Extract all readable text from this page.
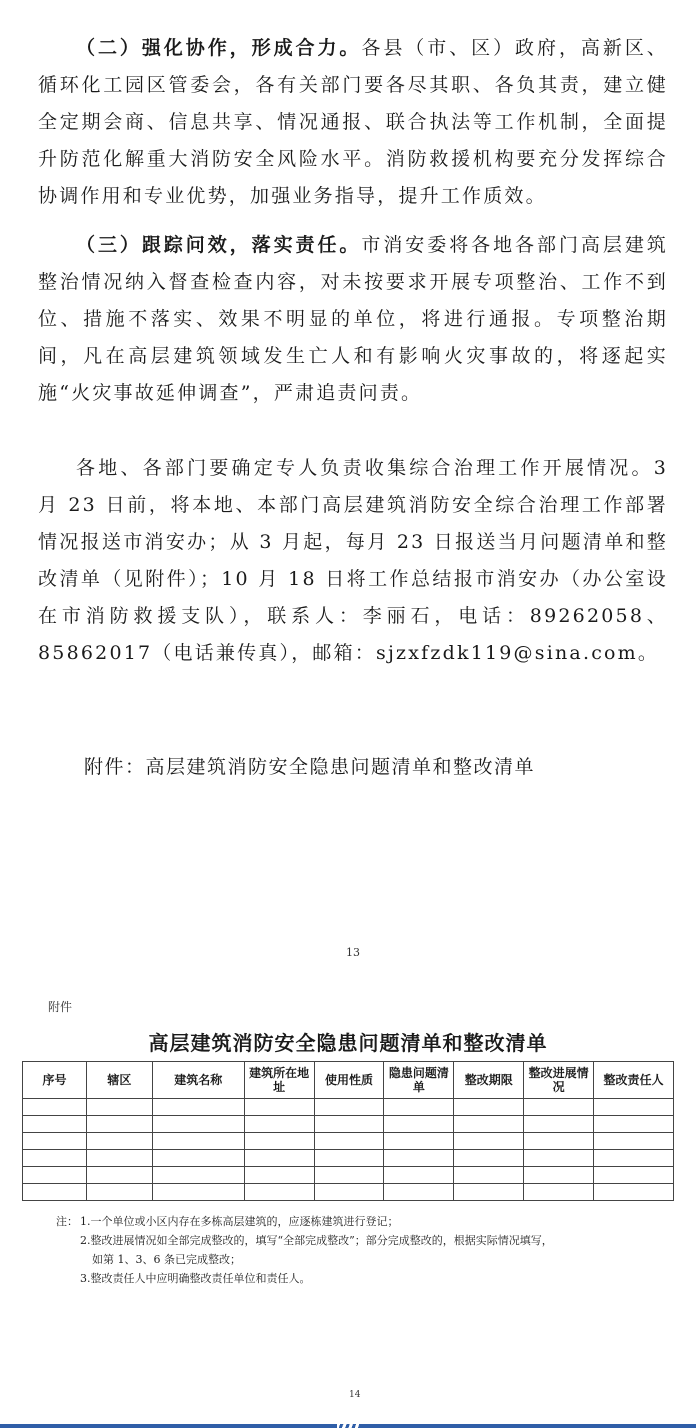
（二）强化协作，形成合力。各县（市、区）政府，高新区、循环化工园区管委会，各有关部门要各尽其职、各负其责，建立健全定期会商、信息共享、情况通报、联合执法等工作机制，全面提升防范化解重大消防安全风险水平。消防救援机构要充分发挥综合协调作用和专业优势，加强业务指导，提升工作质效。

（三）跟踪问效，落实责任。市消安委将各地各部门高层建筑整治情况纳入督查检查内容，对未按要求开展专项整治、工作不到位、措施不落实、效果不明显的单位，将进行通报。专项整治期间，凡在高层建筑领域发生亡人和有影响火灾事故的，将逐起实施“火灾事故延伸调查”，严肃追责问责。

各地、各部门要确定专人负责收集综合治理工作开展情况。3 月 23 日前，将本地、本部门高层建筑消防安全综合治理工作部署情况报送市消安办；从 3 月起，每月 23 日报送当月问题清单和整改清单（见附件）；10 月 18 日将工作总结报市消安办（办公室设在市消防救援支队），联系人：李丽石，电话：89262058、85862017（电话兼传真），邮箱：sjzxfzdk119@sina.com。

附件：高层建筑消防安全隐患问题清单和整改清单
13
附件
高层建筑消防安全隐患问题清单和整改清单
序号	辖区	建筑名称	建筑所在地址	使用性质	隐患问题清单	整改期限	整改进展情况	整改责任人

注： 1.一个单位或小区内存在多栋高层建筑的，应逐栋建筑进行登记；
2.整改进展情况如全部完成整改的，填写“全部完成整改”；部分完成整改的，根据实际情况填写，
如第 1、3、6 条已完成整改；
3.整改责任人中应明确整改责任单位和责任人。
14
